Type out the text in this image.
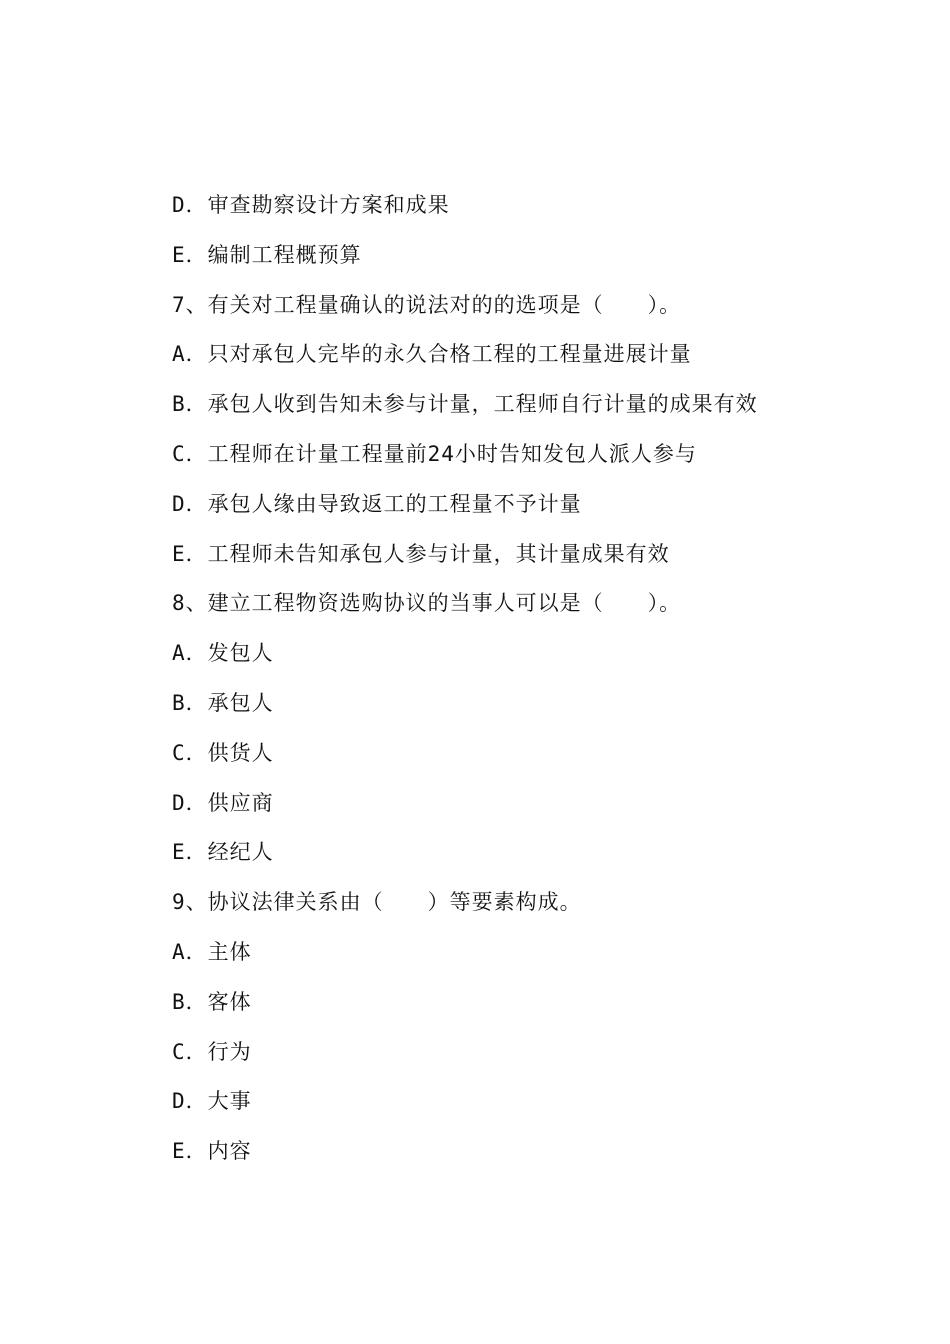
D．审查勘察设计方案和成果
E．编制工程概预算
7、有关对工程量确认的说法对的的选项是（　　）。
A．只对承包人完毕的永久合格工程的工程量进展计量
B．承包人收到告知未参与计量，工程师自行计量的成果有效
C．工程师在计量工程量前24小时告知发包人派人参与
D．承包人缘由导致返工的工程量不予计量
E．工程师未告知承包人参与计量，其计量成果有效
8、建立工程物资选购协议的当事人可以是（　　）。
A．发包人
B．承包人
C．供货人
D．供应商
E．经纪人
9、协议法律关系由（　　）等要素构成。
A．主体
B．客体
C．行为
D．大事
E．内容
